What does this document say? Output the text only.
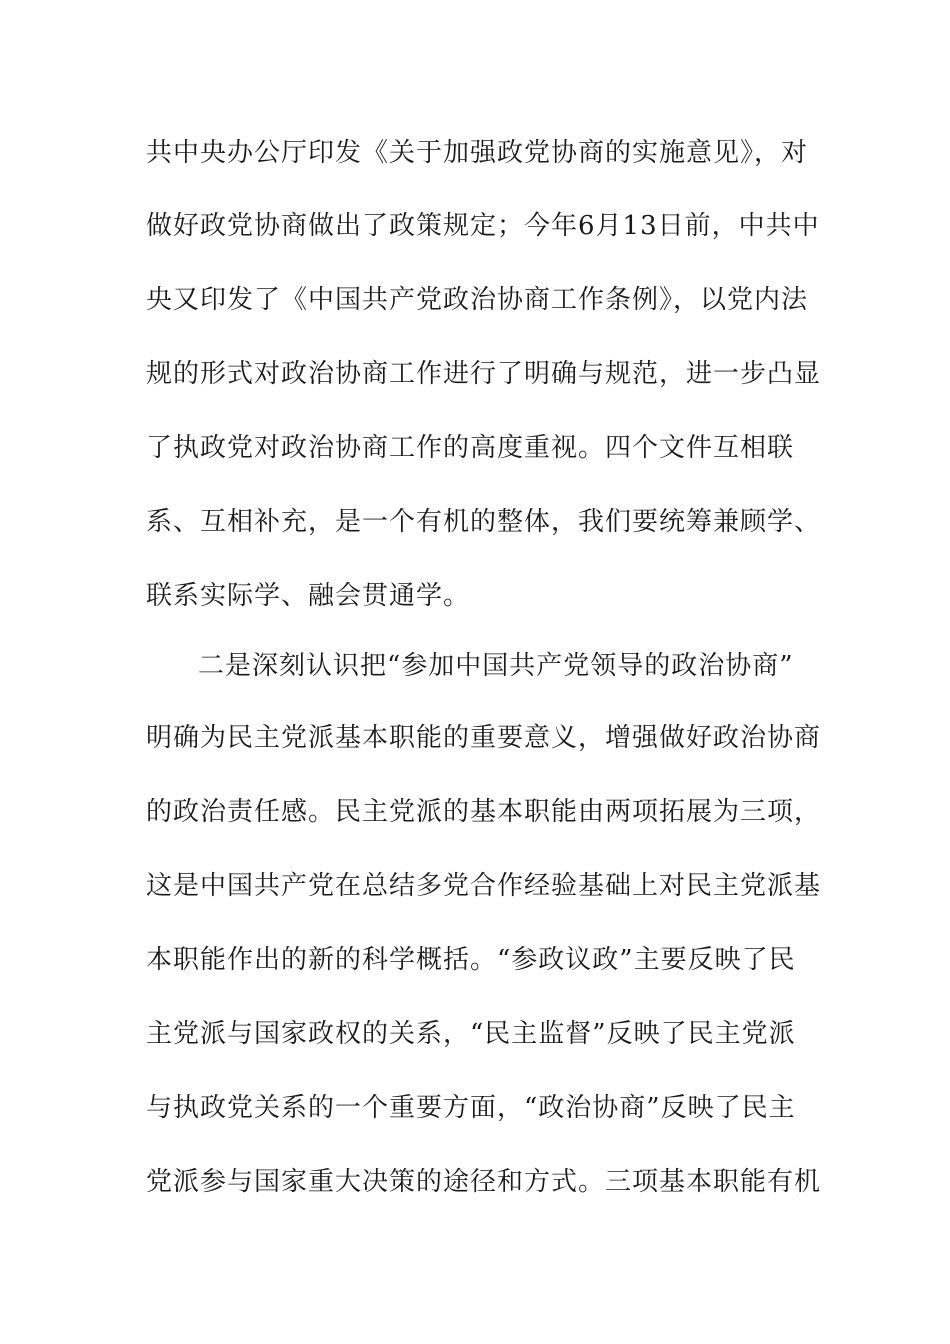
共中央办公厅印发《关于加强政党协商的实施意见》，对
做好政党协商做出了政策规定；今年6月13日前，中共中
央又印发了《中国共产党政治协商工作条例》，以党内法
规的形式对政治协商工作进行了明确与规范，进一步凸显
了执政党对政治协商工作的高度重视。四个文件互相联
系、互相补充，是一个有机的整体，我们要统筹兼顾学、
联系实际学、融会贯通学。
二是深刻认识把“参加中国共产党领导的政治协商”
明确为民主党派基本职能的重要意义，增强做好政治协商
的政治责任感。民主党派的基本职能由两项拓展为三项，
这是中国共产党在总结多党合作经验基础上对民主党派基
本职能作出的新的科学概括。“参政议政”主要反映了民
主党派与国家政权的关系，“民主监督”反映了民主党派
与执政党关系的一个重要方面，“政治协商”反映了民主
党派参与国家重大决策的途径和方式。三项基本职能有机
